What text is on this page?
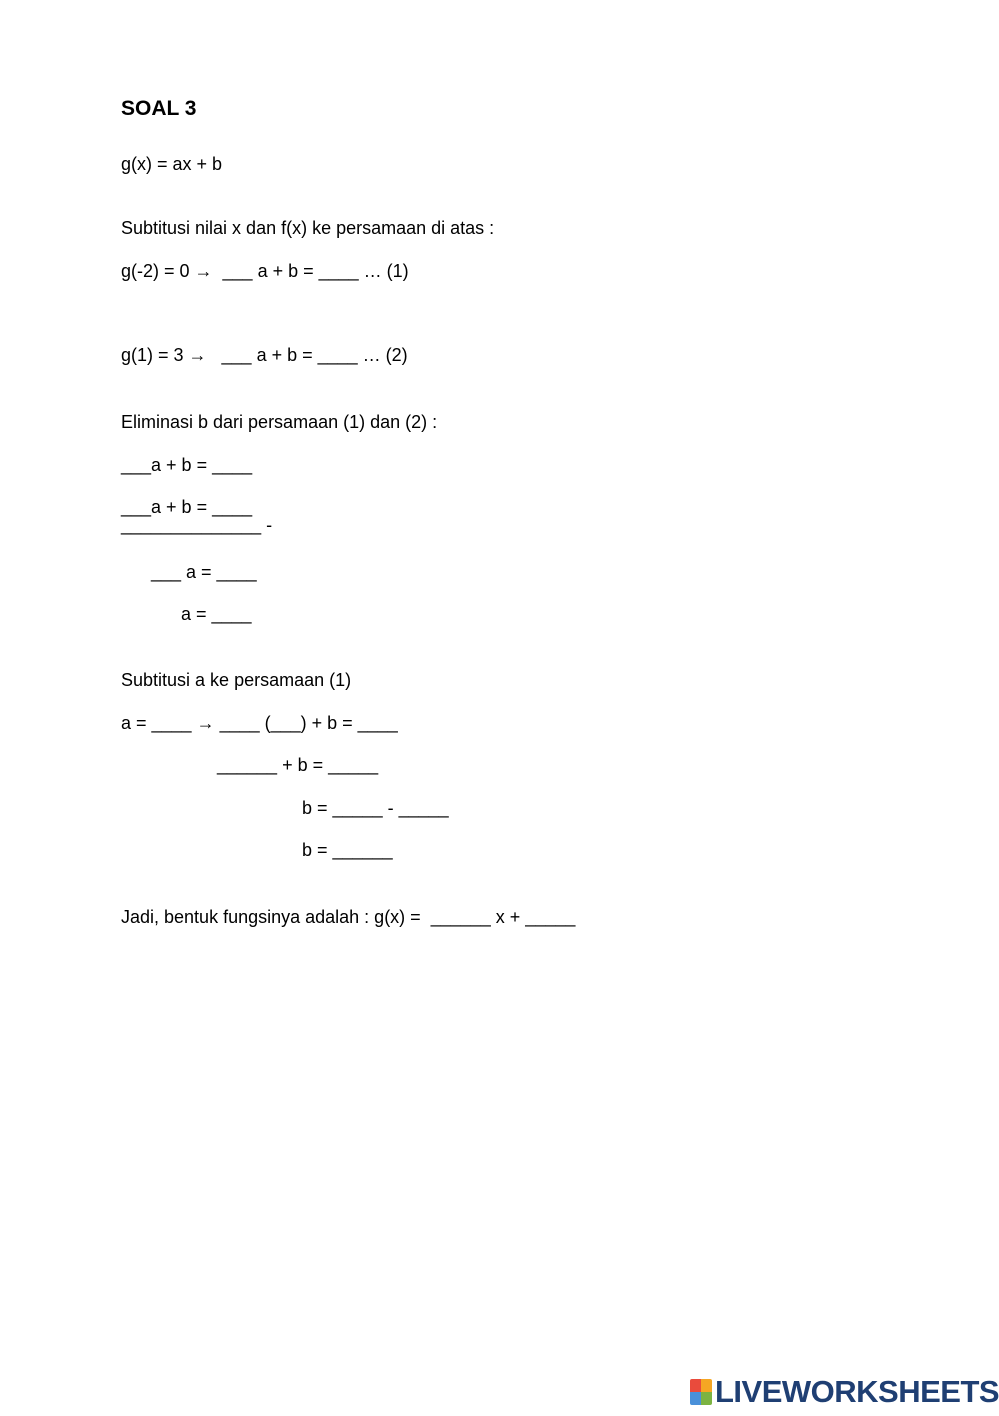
SOAL 3
g(x) = ax + b
Subtitusi nilai x dan f(x) ke persamaan di atas :
g(-2) = 0 →  ___ a + b = ____ … (1)
g(1) = 3 →   ___ a + b = ____ … (2)
Eliminasi b dari persamaan (1) dan (2) :
___a + b = ____
___a + b = ____
______________ -
___ a = ____
a = ____
Subtitusi a ke persamaan (1)
a = ____ → ____ (___) + b = ____
______ + b = _____
b = _____ - _____
b = ______
Jadi, bentuk fungsinya adalah : g(x) =  ______ x + _____
LIVEWORKSHEETS
